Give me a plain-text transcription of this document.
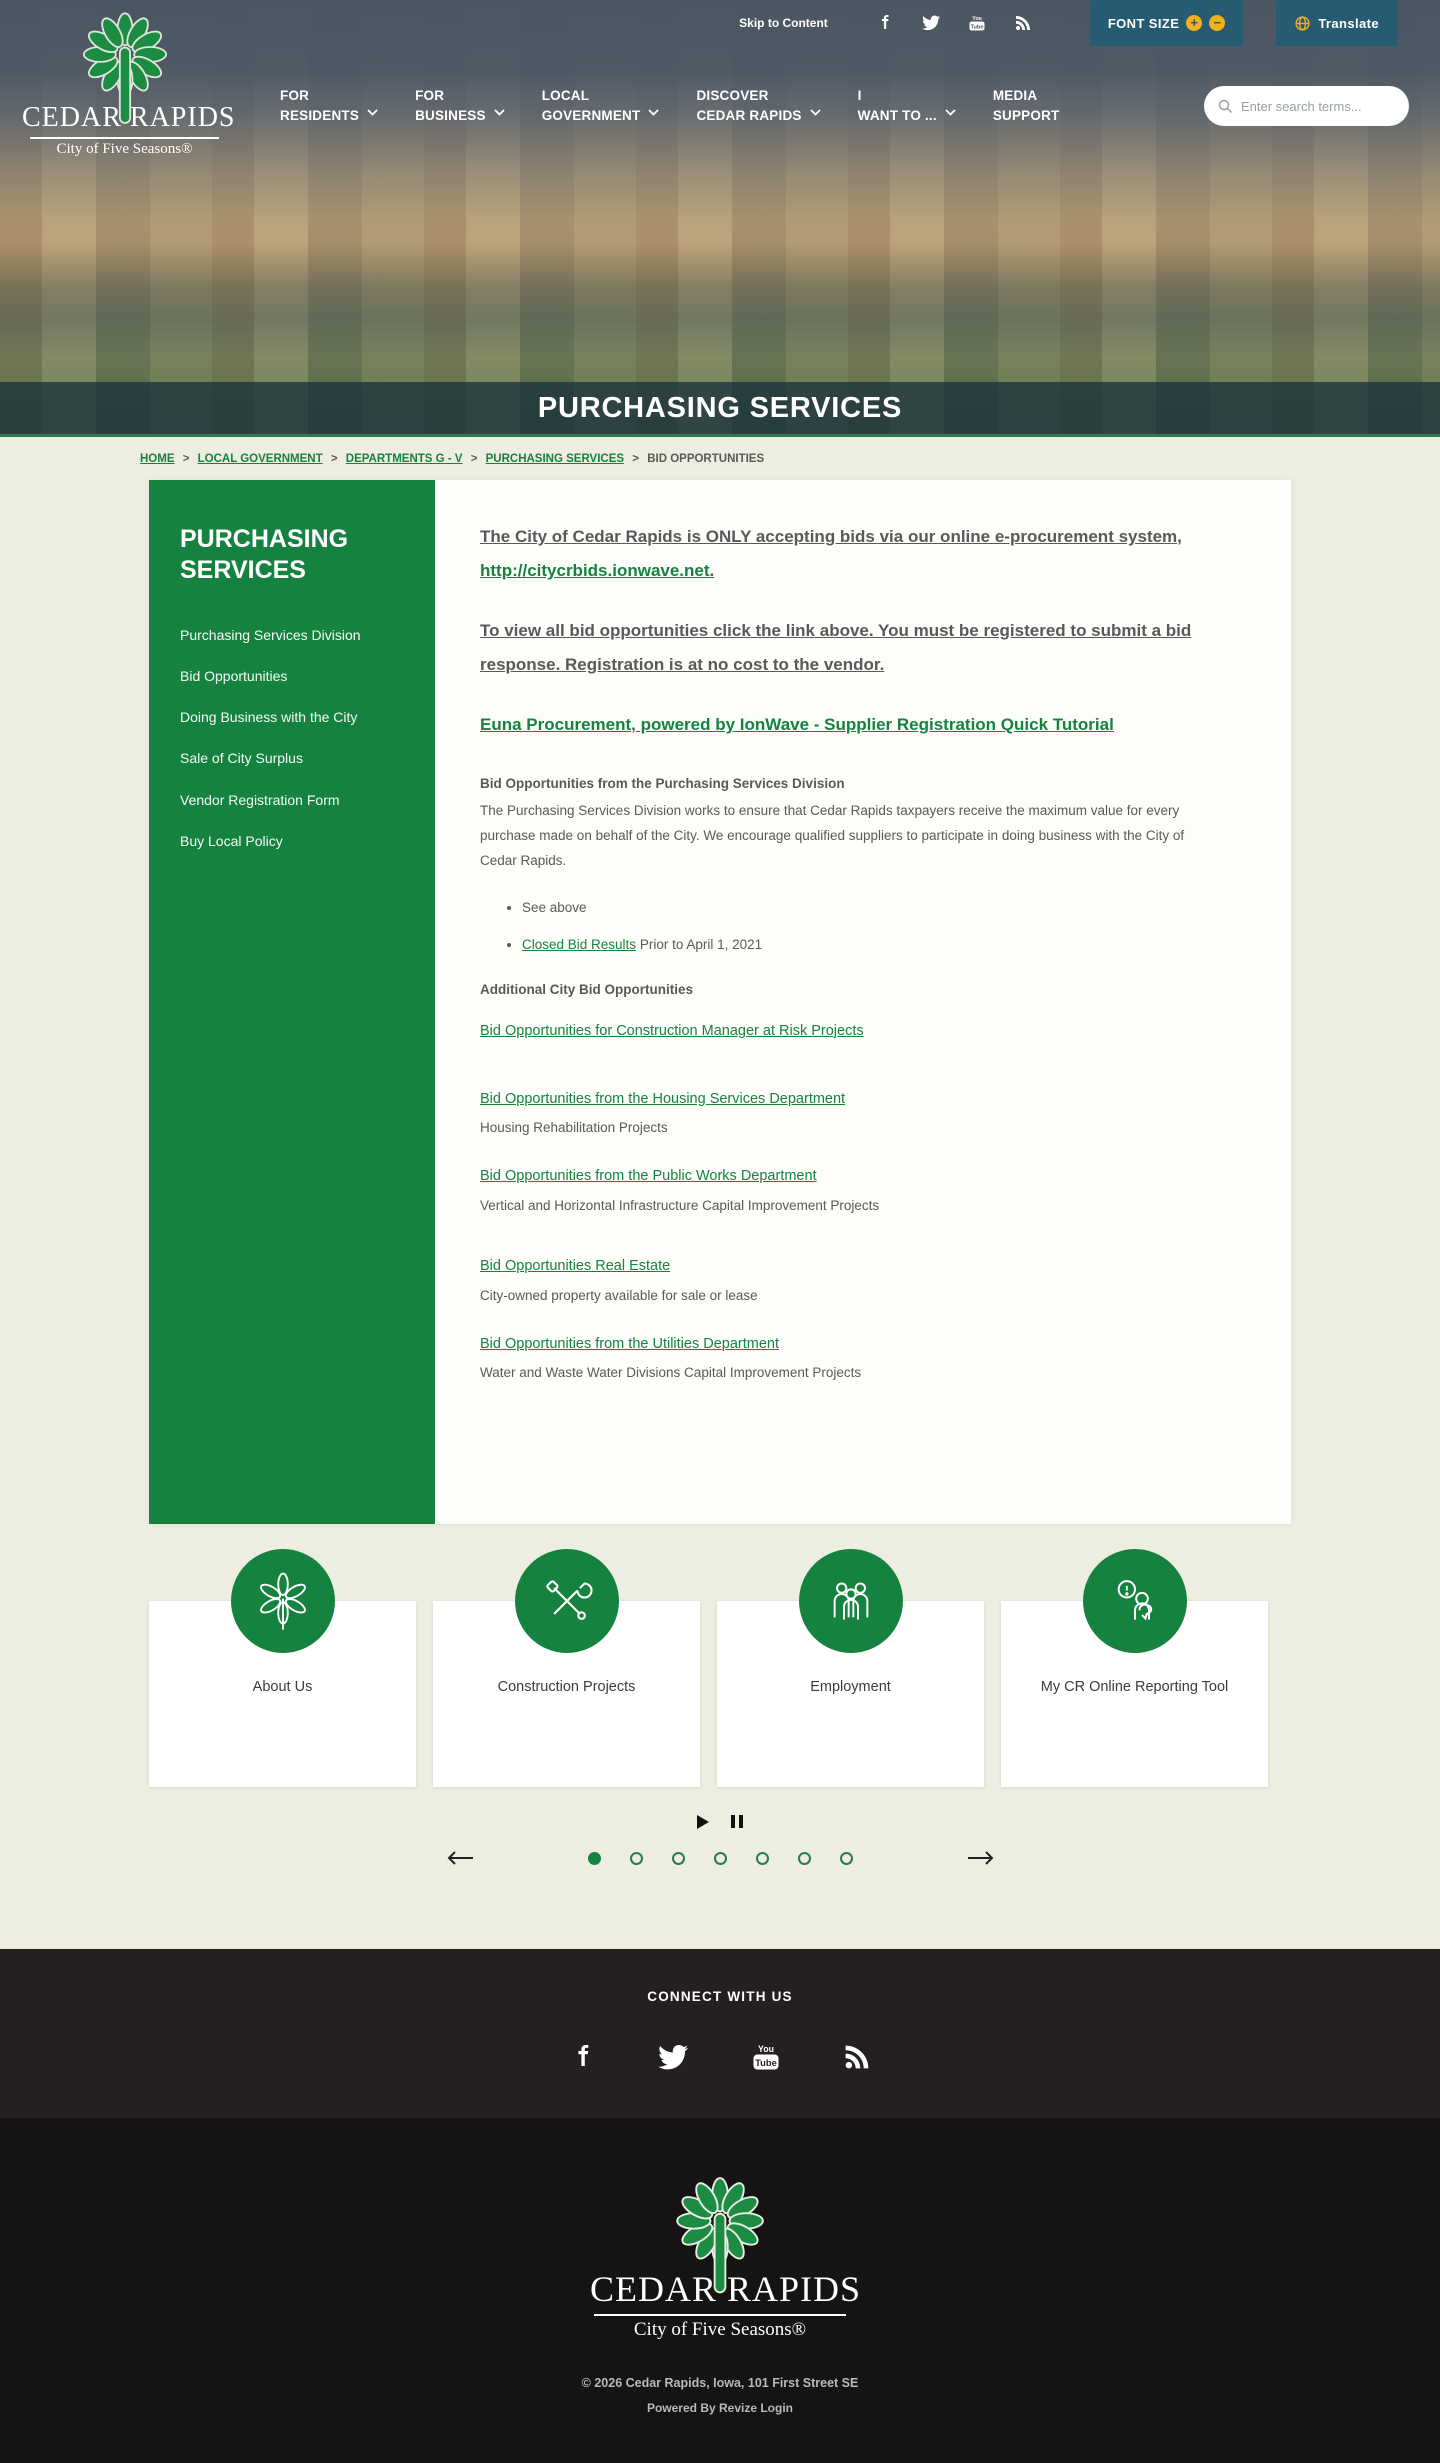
Skip to Content	You
Tube	FONT SIZE +	−	Translate
CEDAR RAPIDS
City of Five Seasons®
FOR
RESIDENTS
FOR
BUSINESS
LOCAL
GOVERNMENT
DISCOVER
CEDAR RAPIDS
I
WANT TO ...
MEDIA
SUPPORT
Enter search terms...
PURCHASING SERVICES
HOME > LOCAL GOVERNMENT > DEPARTMENTS G - V > PURCHASING SERVICES > BID OPPORTUNITIES
PURCHASING SERVICES
Purchasing Services Division
Bid Opportunities
Doing Business with the City
Sale of City Surplus
Vendor Registration Form
Buy Local Policy
The City of Cedar Rapids is ONLY accepting bids via our online e-procurement system, http://citycrbids.ionwave.net.
To view all bid opportunities click the link above. You must be registered to submit a bid response. Registration is at no cost to the vendor.
Euna Procurement, powered by IonWave - Supplier Registration Quick Tutorial
Bid Opportunities from the Purchasing Services Division

The Purchasing Services Division works to ensure that Cedar Rapids taxpayers receive the maximum value for every purchase made on behalf of the City. We encourage qualified suppliers to participate in doing business with the City of Cedar Rapids.

• See above
• Closed Bid Results Prior to April 1, 2021
Additional City Bid Opportunities
Bid Opportunities for Construction Manager at Risk Projects
Bid Opportunities from the Housing Services Department
Housing Rehabilitation Projects
Bid Opportunities from the Public Works Department
Vertical and Horizontal Infrastructure Capital Improvement Projects
Bid Opportunities Real Estate
City-owned property available for sale or lease
Bid Opportunities from the Utilities Department
Water and Waste Water Divisions Capital Improvement Projects
About Us	Construction Projects	Employment	My CR Online Reporting Tool
CONNECT WITH US
You
Tube
CEDAR RAPIDS
City of Five Seasons®
© 2026 Cedar Rapids, Iowa, 101 First Street SE
Powered By Revize Login
